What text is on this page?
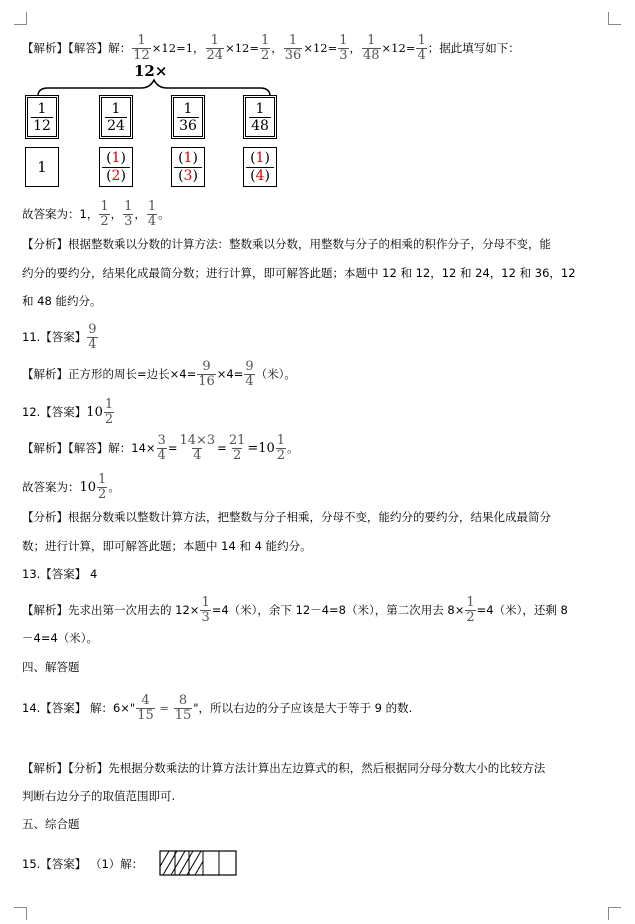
【解析】【解答】解： $\frac{1}{12} \times 12=1$， $\frac{1}{24} \times 12= \frac{1}{2}$ ， $\frac{1}{36} \times 12= \frac{1}{3}$ ， $\frac{1}{48} \times 12= \frac{1}{4}$ ；据此填写如下：
12×
1
12
1
24
1
36
1
48
1
(1)
(2)
(1)
(3)
(1)
(4)
故答案为：1， $\frac{1}{2}$ ， $\frac{1}{3}$ ， $\frac{1}{4}$ 。
【分析】根据整数乘以分数的计算方法：整数乘以分数，用整数与分子的相乘的积作分子，分母不变，能
约分的要约分，结果化成最简分数；进行计算，即可解答此题；本题中 12 和 12，12 和 24，12 和 36，12
和 48 能约分。
11.【答案】 $\frac{9}{4}$
【解析】正方形的周长=边长$\times 4= \frac{9}{16} \times 4= \frac{9}{4}$ （米）。
12.【答案】$10 \frac{1}{2}$
【解析】【解答】解：$14\times \frac{3}{4} = \frac{14\times 3}{4} = \frac{21}{2} =10 \frac{1}{2}$ 。
故答案为：$10 \frac{1}{2}$ 。
【分析】根据分数乘以整数计算方法，把整数与分子相乘，分母不变，能约分的要约分，结果化成最简分
数；进行计算，即可解答此题；本题中 14 和 4 能约分。
13.【答案】 4
【解析】先求出第一次用去的 $12\times \frac{1}{3} =4$（米），余下 12－4=8（米），第二次用去 $8\times \frac{1}{2} =4$（米），还剩 8
－4=4（米）。
四、解答题
14.【答案】 解：6×" $\frac{4}{15} = \frac{8}{15}$ "，所以右边的分子应该是大于等于 9 的数.
【解析】【分析】先根据分数乘法的计算方法计算出左边算式的积，然后根据同分母分数大小的比较方法
判断右边分子的取值范围即可.
五、综合题
15.【答案】 （1）解：
